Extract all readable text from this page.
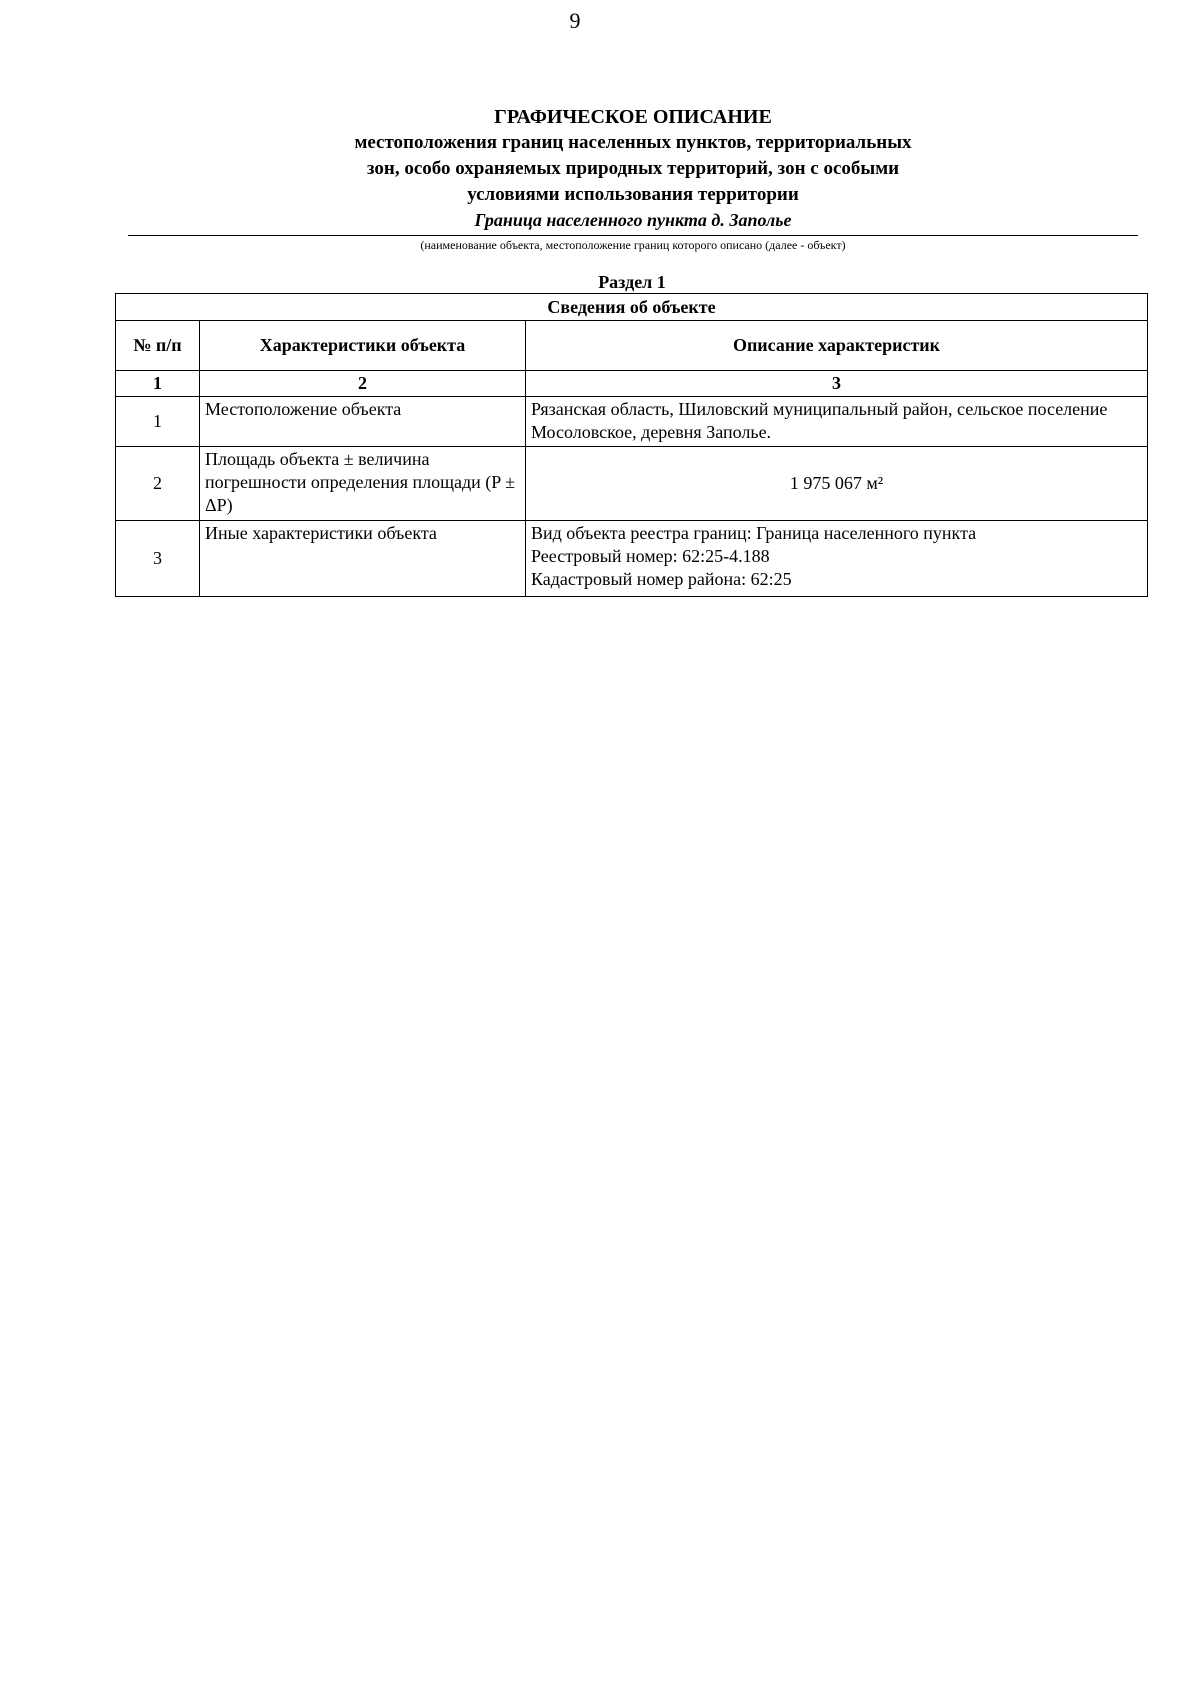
9
ГРАФИЧЕСКОЕ ОПИСАНИЕ
местоположения границ населенных пунктов, территориальных
зон, особо охраняемых природных территорий, зон с особыми
условиями использования территории
Граница населенного пункта д. Заполье
(наименование объекта, местоположение границ которого описано (далее - объект)
Раздел 1
Сведения об объекте		
№ п/п	Характеристики объекта	Описание характеристик
1	2	3
1	Местоположение объекта	Рязанская область, Шиловский муниципальный район, сельское поселение Мосоловское, деревня Заполье.
2	Площадь объекта ± величина погрешности определения площади (P ± ΔP)	1 975 067 м²
3	Иные характеристики объекта	Вид объекта реестра границ: Граница населенного пункта
Реестровый номер: 62:25-4.188
Кадастровый номер района: 62:25
